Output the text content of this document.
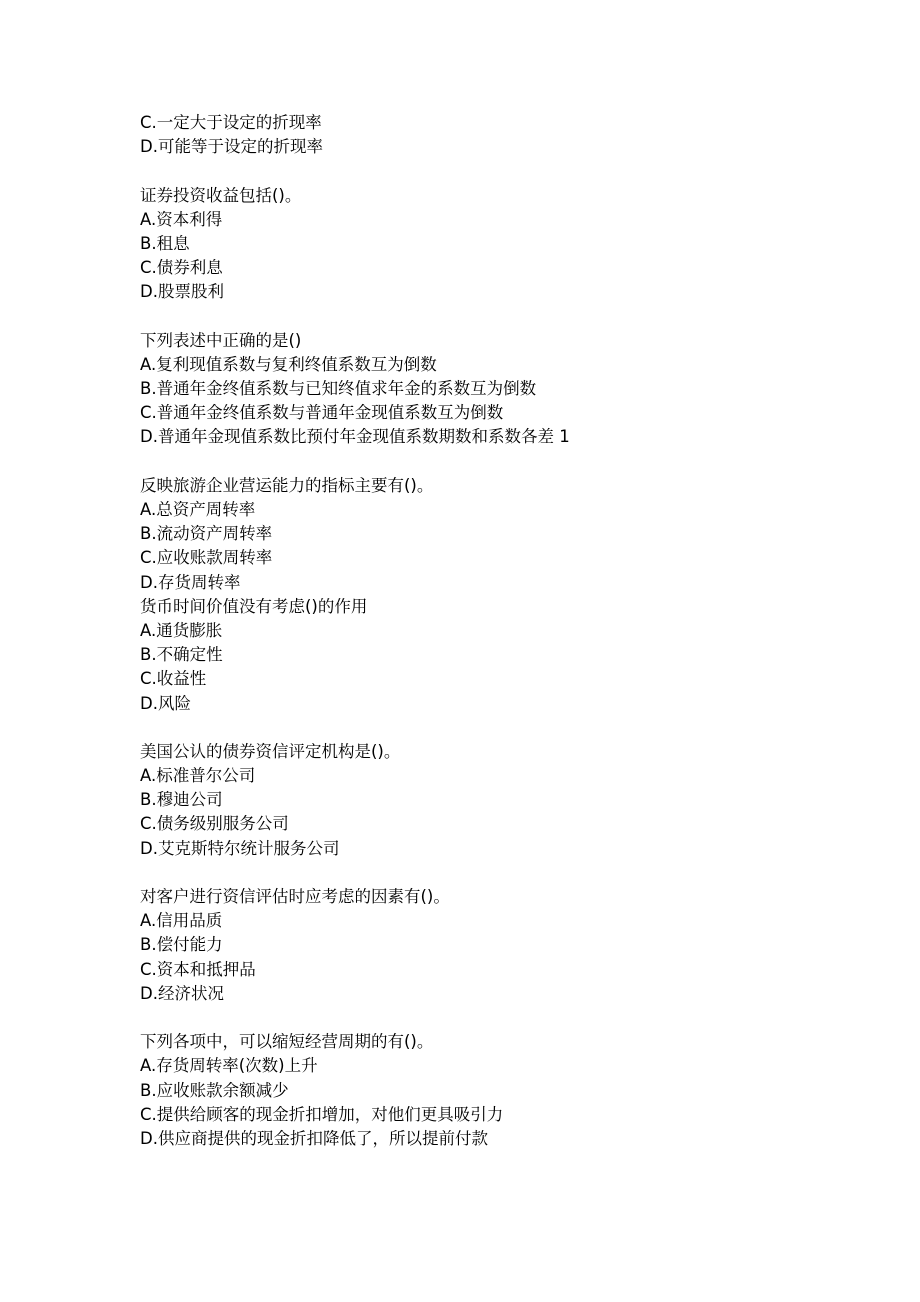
C.一定大于设定的折现率
D.可能等于设定的折现率
证券投资收益包括()。
A.资本利得
B.租息
C.债券利息
D.股票股利
下列表述中正确的是()
A.复利现值系数与复利终值系数互为倒数
B.普通年金终值系数与已知终值求年金的系数互为倒数
C.普通年金终值系数与普通年金现值系数互为倒数
D.普通年金现值系数比预付年金现值系数期数和系数各差 1
反映旅游企业营运能力的指标主要有()。
A.总资产周转率
B.流动资产周转率
C.应收账款周转率
D.存货周转率
货币时间价值没有考虑()的作用
A.通货膨胀
B.不确定性
C.收益性
D.风险
美国公认的债券资信评定机构是()。
A.标准普尔公司
B.穆迪公司
C.债务级别服务公司
D.艾克斯特尔统计服务公司
对客户进行资信评估时应考虑的因素有()。
A.信用品质
B.偿付能力
C.资本和抵押品
D.经济状况
下列各项中，可以缩短经营周期的有()。
A.存货周转率(次数)上升
B.应收账款余额减少
C.提供给顾客的现金折扣增加，对他们更具吸引力
D.供应商提供的现金折扣降低了，所以提前付款
